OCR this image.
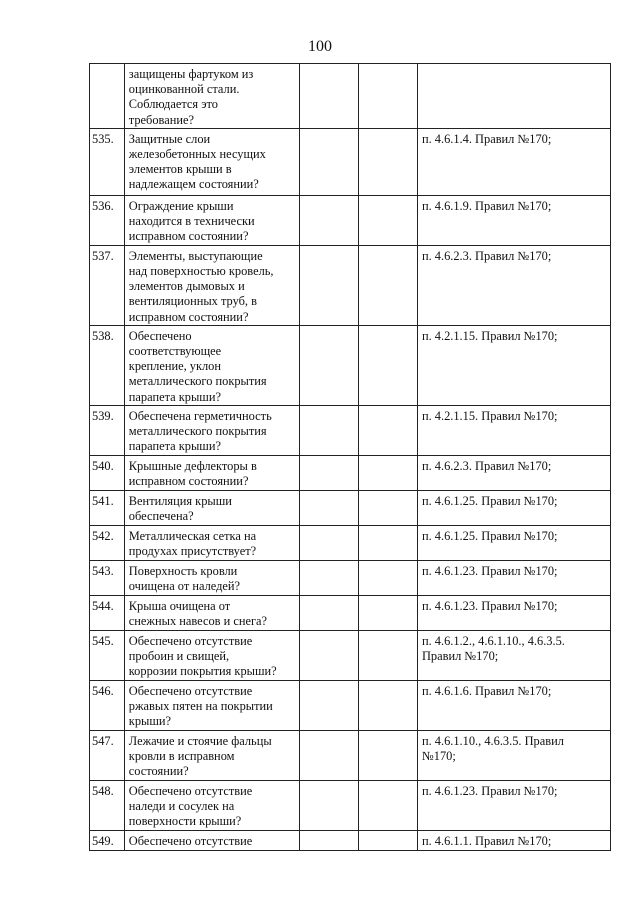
100

	защищены фартуком из
оцинкованной стали.
Соблюдается это
требование?			

535.	Защитные слои
железобетонных несущих
элементов крыши в
надлежащем состоянии?			п. 4.6.1.4. Правил №170;

536.	Ограждение крыши
находится в технически
исправном состоянии?			п. 4.6.1.9. Правил №170;

537.	Элементы, выступающие
над поверхностью кровель,
элементов дымовых и
вентиляционных труб, в
исправном состоянии?			п. 4.6.2.3. Правил №170;

538.	Обеспечено
соответствующее
крепление, уклон
металлического покрытия
парапета крыши?			п. 4.2.1.15. Правил №170;

539.	Обеспечена герметичность
металлического покрытия
парапета крыши?			п. 4.2.1.15. Правил №170;

540.	Крышные дефлекторы в
исправном состоянии?			п. 4.6.2.3. Правил №170;

541.	Вентиляция крыши
обеспечена?			п. 4.6.1.25. Правил №170;

542.	Металлическая сетка на
продухах присутствует?			п. 4.6.1.25. Правил №170;

543.	Поверхность кровли
очищена от наледей?			п. 4.6.1.23. Правил №170;

544.	Крыша очищена от
снежных навесов и снега?			п. 4.6.1.23. Правил №170;

545.	Обеспечено отсутствие
пробоин и свищей,
коррозии покрытия крыши?			п. 4.6.1.2., 4.6.1.10., 4.6.3.5.
Правил №170;

546.	Обеспечено отсутствие
ржавых пятен на покрытии
крыши?			п. 4.6.1.6. Правил №170;

547.	Лежачие и стоячие фальцы
кровли в исправном
состоянии?			п. 4.6.1.10., 4.6.3.5. Правил
№170;

548.	Обеспечено отсутствие
наледи и сосулек на
поверхности крыши?			п. 4.6.1.23. Правил №170;

549.	Обеспечено отсутствие			п. 4.6.1.1. Правил №170;
